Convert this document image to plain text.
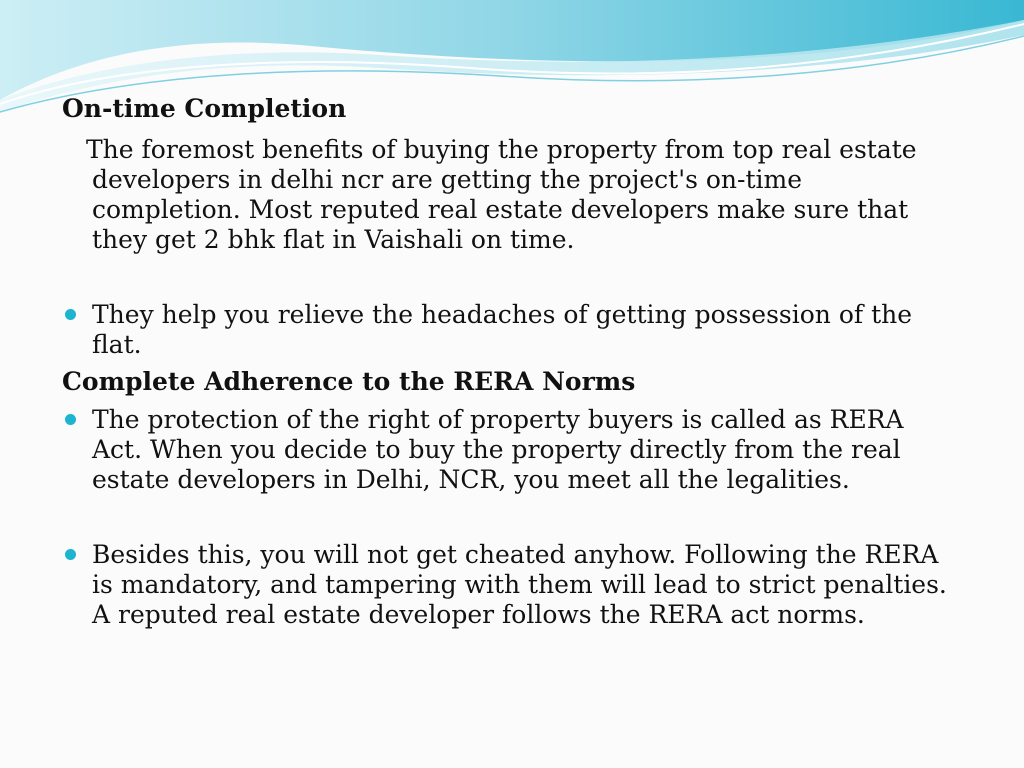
On-time Completion
The foremost benefits of buying the property from top real estate developers in delhi ncr are getting the project's on-time completion. Most reputed real estate developers make sure that they get 2 bhk flat in Vaishali on time.
They help you relieve the headaches of getting possession of the flat.
Complete Adherence to the RERA Norms
The protection of the right of property buyers is called as RERA Act. When you decide to buy the property directly from the real estate developers in Delhi, NCR, you meet all the legalities.
Besides this, you will not get cheated anyhow. Following the RERA is mandatory, and tampering with them will lead to strict penalties. A reputed real estate developer follows the RERA act norms.
